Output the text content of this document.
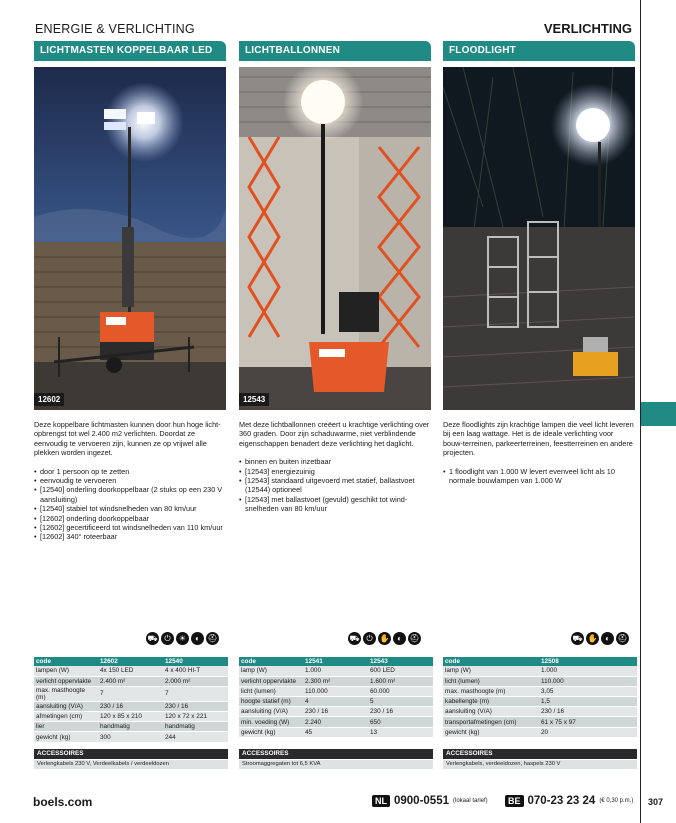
ENERGIE & VERLICHTING	VERLICHTING
LICHTMASTEN KOPPELBAAR LED
12602

Deze koppelbare lichtmasten kunnen door hun hoge licht-opbrengst tot wel 2.400 m2 verlichten. Doordat ze eenvoudig te vervoeren zijn, kunnen ze op vrijwel alle plekken worden ingezet.

• door 1 persoon op te zetten
• eenvoudig te vervoeren
• [12540] onderling doorkoppelbaar (2 stuks op een 230 V aansluiting)
• [12540] stabiel tot windsnelheden van 80 km/uur
• [12602] onderling doorkoppelbaar
• [12602] gecertificeerd tot windsnelheden van 110 km/uur
• [12602] 340° roteerbaar
LICHTBALLONNEN
12543

Met deze lichtballonnen creëert u krachtige verlichting over 360 graden. Door zijn schaduwarme, niet verblindende eigenschappen benadert deze verlichting het daglicht.

• binnen en buiten inzetbaar
• [12543] energiezuinig
• [12543] standaard uitgevoerd met statief, ballastvoet (12544) optioneel
• [12543] met ballastvoet (gevuld) geschikt tot wind-snelheden van 80 km/uur
FLOODLIGHT

Deze floodlights zijn krachtige lampen die veel licht leveren bij een laag wattage. Het is de ideale verlichting voor bouw-terreinen, parkeerterreinen, feestterreinen en andere projecten.

• 1 floodlight van 1.000 W levert evenveel licht als 10 normale bouwlampen van 1.000 W
⛟ ⏻	☀	◐ ⛑	⛟ ⏻ ✋ ◐ ⛑	⛟ ✋ ◐ ⛑
code	12602	12540
lampen (W)	4x 150 LED	4 x 400 HI-T
verlicht oppervlakte	2.400 m²	2.000 m²
max. masthoogte (m)	7	7
aansluiting (V/A)	230 / 16	230 / 16
afmetingen (cm)	120 x 85 x 210	120 x 72 x 221
lier	handmatig	handmatig
gewicht (kg)	300	244
code	12541	12543
lamp (W)	1.000	600 LED
verlicht oppervlakte	2.300 m²	1.600 m²
licht (lumen)	110.000	60.000
hoogte statief (m)	4	5
aansluiting (V/A)	230 / 16	230 / 16
min. voeding (W)	2.240	650
gewicht (kg)	45	13
code	12508
lamp (W)	1.000
licht (lumen)	110.000
max. masthoogte (m)	3,05
kabellengte (m)	1,5
aansluiting (V/A)	230 / 16
transportafmetingen (cm)	61 x 75 x 97
gewicht (kg)	20
ACCESSOIRES
Verlengkabels 230 V, Verdeelkabels / verdeeldozen
ACCESSOIRES
Stroomaggregaten tot 6,5 KVA
ACCESSOIRES
Verlengkabels, verdeeldozen, haspels 230 V
boels.com	NL 0900-0551 (lokaal tarief)	BE 070-23 23 24 (€ 0,30 p.m.) 307
